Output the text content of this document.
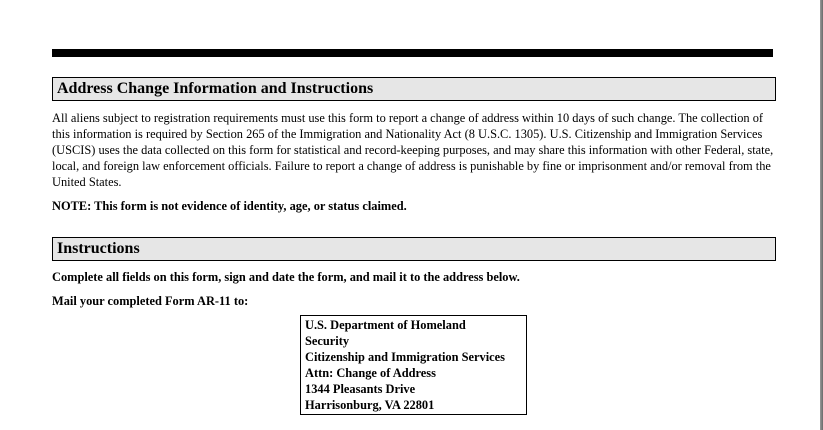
Address Change Information and Instructions
All aliens subject to registration requirements must use this form to report a change of address within 10 days of such change. The collection of this information is required by Section 265 of the Immigration and Nationality Act (8 U.S.C. 1305). U.S. Citizenship and Immigration Services (USCIS) uses the data collected on this form for statistical and record-keeping purposes, and may share this information with other Federal, state, local, and foreign law enforcement officials. Failure to report a change of address is punishable by fine or imprisonment and/or removal from the United States.
NOTE: This form is not evidence of identity, age, or status claimed.
Instructions
Complete all fields on this form, sign and date the form, and mail it to the address below.
Mail your completed Form AR-11 to:
U.S. Department of Homeland
Security
Citizenship and Immigration Services
Attn: Change of Address
1344 Pleasants Drive
Harrisonburg, VA 22801
